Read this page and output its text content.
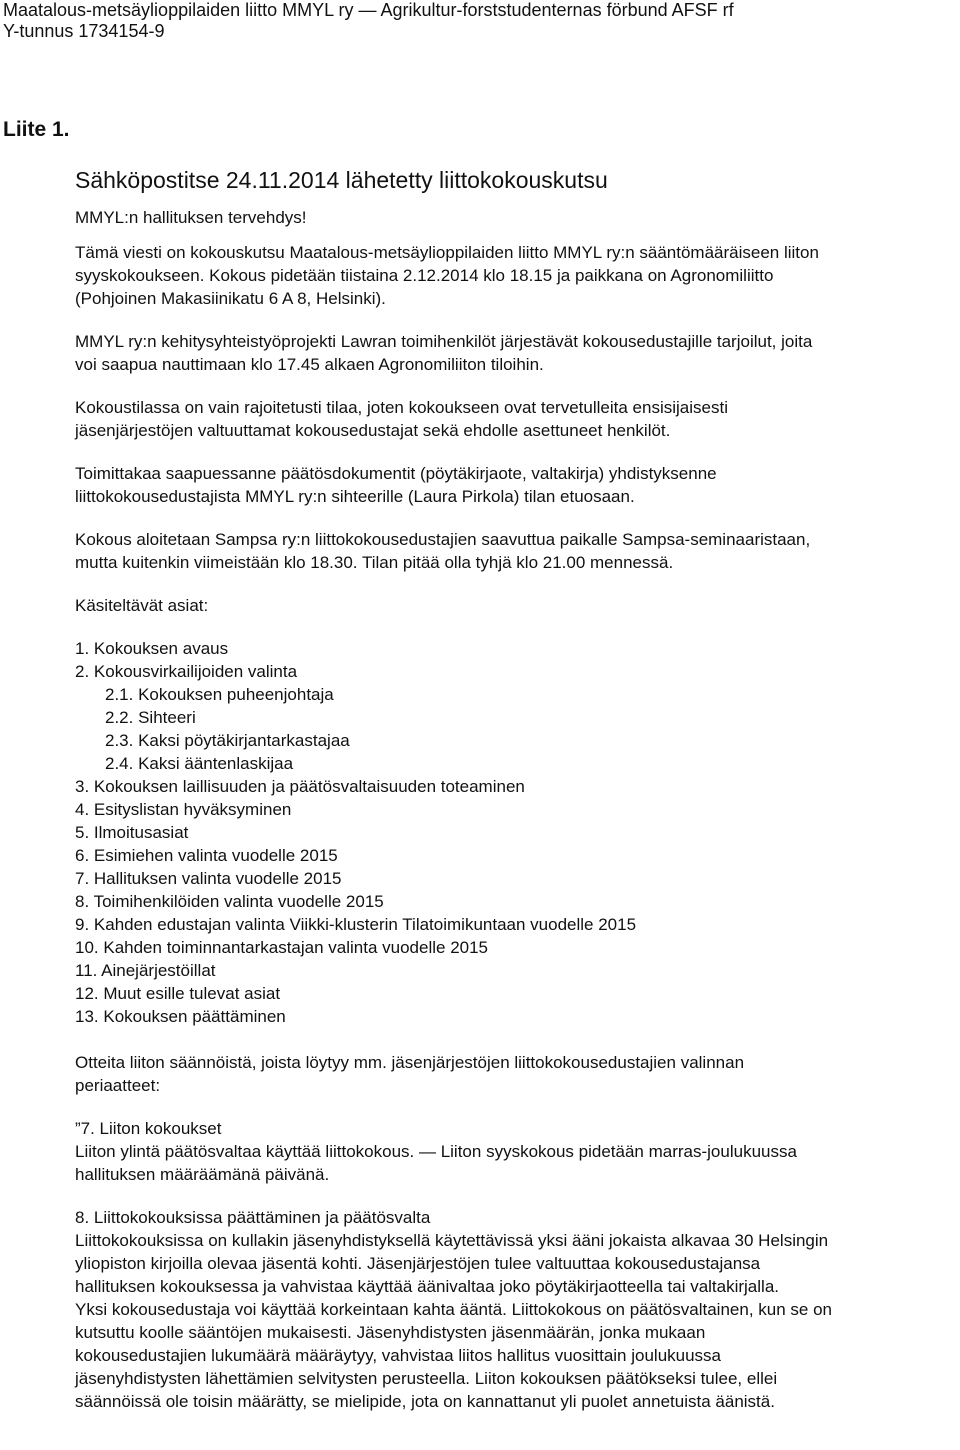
Maatalous-metsäylioppilaiden liitto MMYL ry — Agrikultur-forststudenternas förbund AFSF rf
Y-tunnus 1734154-9
Liite 1.
Sähköpostitse 24.11.2014 lähetetty liittokokouskutsu
MMYL:n hallituksen tervehdys!
Tämä viesti on kokouskutsu Maatalous-metsäylioppilaiden liitto MMYL ry:n sääntömääräiseen liiton
syyskokoukseen. Kokous pidetään tiistaina 2.12.2014 klo 18.15 ja paikkana on Agronomiliitto
(Pohjoinen Makasiinikatu 6 A 8, Helsinki).
MMYL ry:n kehitysyhteistyöprojekti Lawran toimihenkilöt järjestävät kokousedustajille tarjoilut, joita
voi saapua nauttimaan klo 17.45 alkaen Agronomiliiton tiloihin.
Kokoustilassa on vain rajoitetusti tilaa, joten kokoukseen ovat tervetulleita ensisijaisesti
jäsenjärjestöjen valtuuttamat kokousedustajat sekä ehdolle asettuneet henkilöt.
Toimittakaa saapuessanne päätösdokumentit (pöytäkirjaote, valtakirja) yhdistyksenne
liittokokousedustajista MMYL ry:n sihteerille (Laura Pirkola) tilan etuosaan.
Kokous aloitetaan Sampsa ry:n liittokokousedustajien saavuttua paikalle Sampsa-seminaaristaan,
mutta kuitenkin viimeistään klo 18.30. Tilan pitää olla tyhjä klo 21.00 mennessä.
Käsiteltävät asiat:
1. Kokouksen avaus
2. Kokousvirkailijoiden valinta
2.1. Kokouksen puheenjohtaja
2.2. Sihteeri
2.3. Kaksi pöytäkirjantarkastajaa
2.4. Kaksi ääntenlaskijaa
3. Kokouksen laillisuuden ja päätösvaltaisuuden toteaminen
4. Esityslistan hyväksyminen
5. Ilmoitusasiat
6. Esimiehen valinta vuodelle 2015
7. Hallituksen valinta vuodelle 2015
8. Toimihenkilöiden valinta vuodelle 2015
9. Kahden edustajan valinta Viikki-klusterin Tilatoimikuntaan vuodelle 2015
10. Kahden toiminnantarkastajan valinta vuodelle 2015
11. Ainejärjestöillat
12. Muut esille tulevat asiat
13. Kokouksen päättäminen
Otteita liiton säännöistä, joista löytyy mm. jäsenjärjestöjen liittokokousedustajien valinnan
periaatteet:
”7. Liiton kokoukset
Liiton ylintä päätösvaltaa käyttää liittokokous. — Liiton syyskokous pidetään marras-joulukuussa
hallituksen määräämänä päivänä.
8. Liittokokouksissa päättäminen ja päätösvalta
Liittokokouksissa on kullakin jäsenyhdistyksellä käytettävissä yksi ääni jokaista alkavaa 30 Helsingin
yliopiston kirjoilla olevaa jäsentä kohti. Jäsenjärjestöjen tulee valtuuttaa kokousedustajansa
hallituksen kokouksessa ja vahvistaa käyttää äänivaltaa joko pöytäkirjaotteella tai valtakirjalla.
Yksi kokousedustaja voi käyttää korkeintaan kahta ääntä. Liittokokous on päätösvaltainen, kun se on
kutsuttu koolle sääntöjen mukaisesti. Jäsenyhdistysten jäsenmäärän, jonka mukaan
kokousedustajien lukumäärä määräytyy, vahvistaa liitos hallitus vuosittain joulukuussa
jäsenyhdistysten lähettämien selvitysten perusteella. Liiton kokouksen päätökseksi tulee, ellei
säännöissä ole toisin määrätty, se mielipide, jota on kannattanut yli puolet annetuista äänistä.
